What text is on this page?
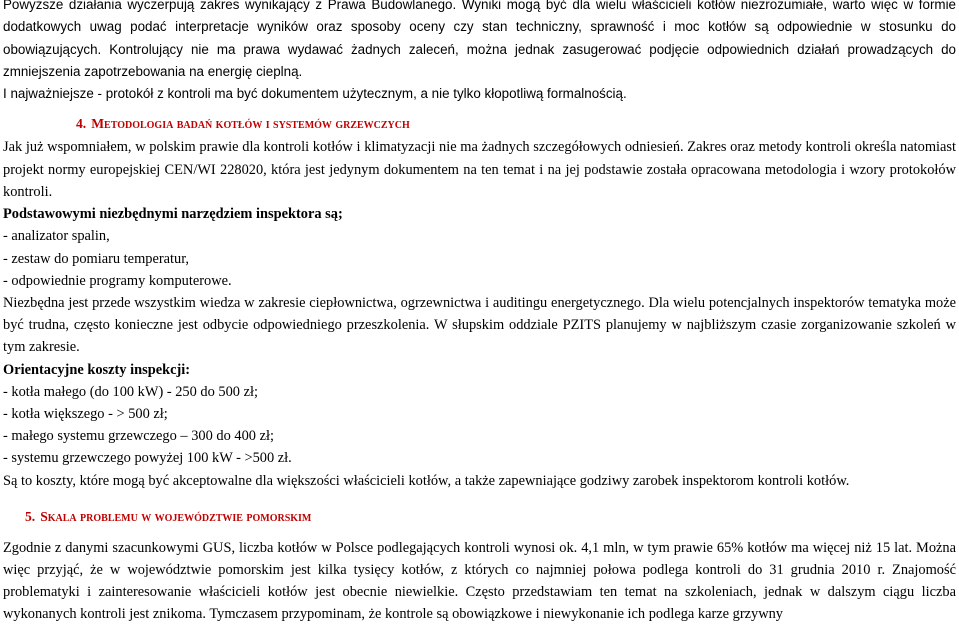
Powyższe działania wyczerpują zakres wynikający z Prawa Budowlanego. Wyniki mogą być dla wielu właścicieli kotłów niezrozumiałe, warto więc w formie dodatkowych uwag podać interpretacje wyników oraz sposoby oceny czy stan techniczny, sprawność i moc kotłów są odpowiednie w stosunku do obowiązujących. Kontrolujący nie ma prawa wydawać żadnych zaleceń, można jednak zasugerować podjęcie odpowiednich działań prowadzących do zmniejszenia zapotrzebowania na energię cieplną.

I najważniejsze - protokół z kontroli ma być dokumentem użytecznym, a nie tylko kłopotliwą formalnością.

4. Metodologia badań kotłów i systemów grzewczych

Jak już wspomniałem, w polskim prawie dla kontroli kotłów i klimatyzacji nie ma żadnych szczegółowych odniesień. Zakres oraz metody kontroli określa natomiast projekt normy europejskiej CEN/WI 228020, która jest jedynym dokumentem na ten temat i na jej podstawie została opracowana metodologia i wzory protokołów kontroli.

Podstawowymi niezbędnymi narzędziem inspektora są;
- analizator spalin,
- zestaw do pomiaru temperatur,
- odpowiednie programy komputerowe.

Niezbędna jest przede wszystkim wiedza w zakresie ciepłownictwa, ogrzewnictwa i auditingu energetycznego. Dla wielu potencjalnych inspektorów tematyka może być trudna, często konieczne jest odbycie odpowiedniego przeszkolenia. W słupskim oddziale PZITS planujemy w najbliższym czasie zorganizowanie szkoleń w tym zakresie.

Orientacyjne koszty inspekcji:
- kotła małego (do 100 kW) - 250 do 500 zł;
- kotła większego - > 500 zł;
- małego systemu grzewczego – 300 do 400 zł;
- systemu grzewczego powyżej 100 kW - >500 zł.

Są to koszty, które mogą być akceptowalne dla większości właścicieli kotłów, a także zapewniające godziwy zarobek inspektorom kontroli kotłów.

5. Skala problemu w województwie pomorskim

Zgodnie z danymi szacunkowymi GUS, liczba kotłów w Polsce podlegających kontroli wynosi ok. 4,1 mln, w tym prawie 65% kotłów ma więcej niż 15 lat. Można więc przyjąć, że w województwie pomorskim jest kilka tysięcy kotłów, z których co najmniej połowa podlega kontroli do 31 grudnia 2010 r. Znajomość problematyki i zainteresowanie właścicieli kotłów jest obecnie niewielkie. Często przedstawiam ten temat na szkoleniach, jednak w dalszym ciągu liczba wykonanych kontroli jest znikoma. Tymczasem przypominam, że kontrole są obowiązkowe i niewykonanie ich podlega karze grzywny
